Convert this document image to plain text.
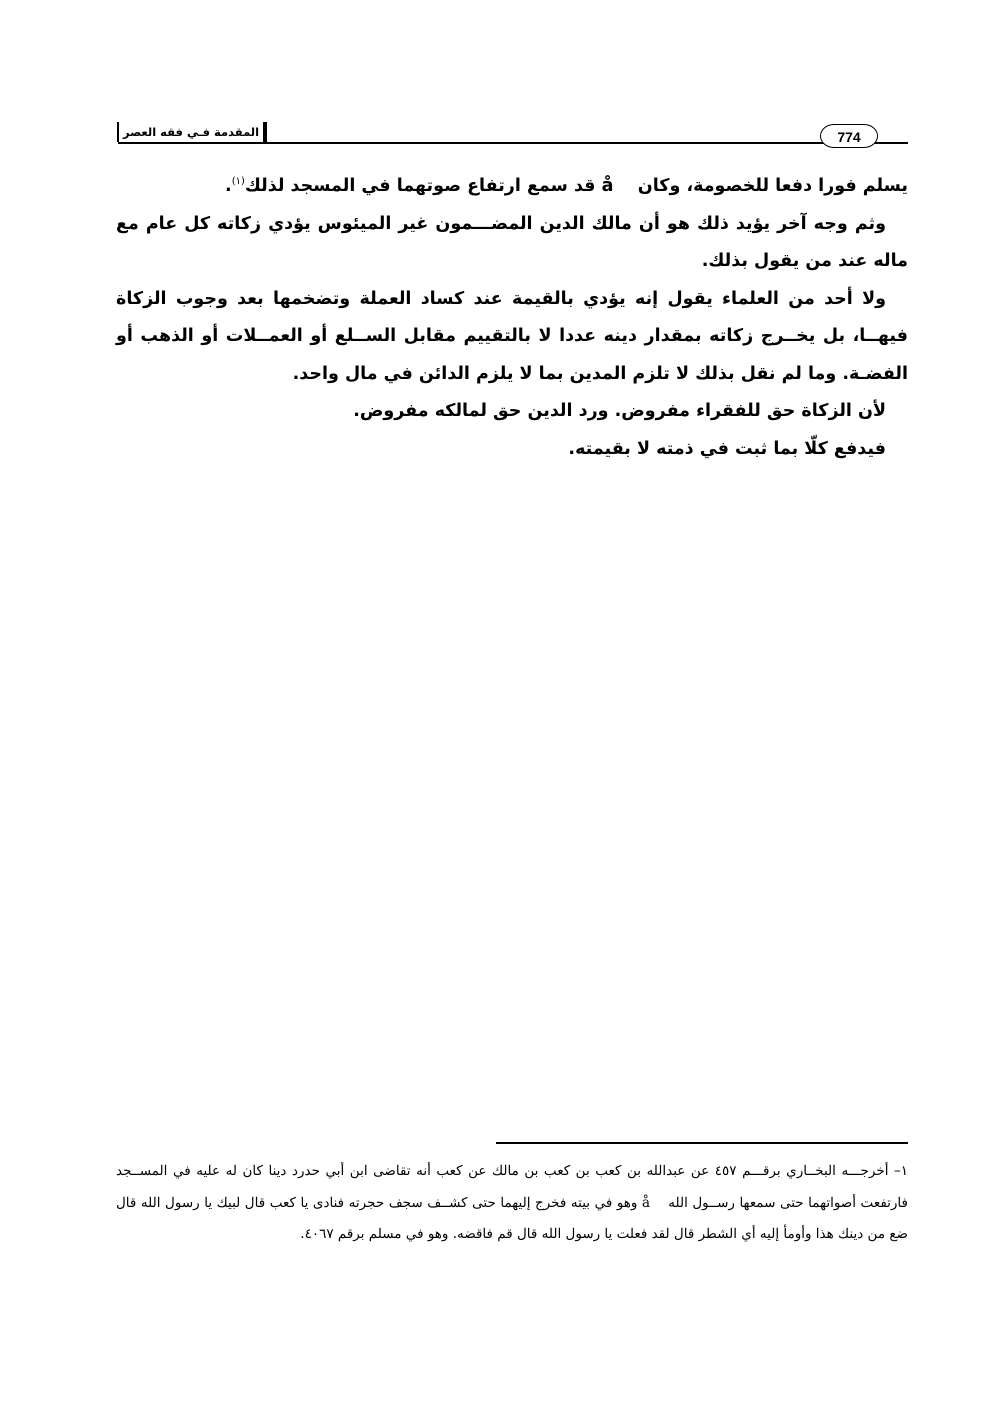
المقدمة فـي فقه العصر	774

يسلم فورا دفعا للخصومة، وكان    ‌å قد سمع ارتفاع صوتهما في المسجد لذلك$^{(١)}$.

وثم وجه آخر يؤيد ذلك هو أن مالك الدين المضـــمون غير الميئوس يؤدي زكاته كل عام مع ماله عند من يقول بذلك.

ولا أحد من العلماء يقول إنه يؤدي بالقيمة عند كساد العملة وتضخمها بعد وجوب الزكاة فيهــا، بل يخــرج زكاته بمقدار دينه عددا لا بالتقييم مقابل الســلع أو العمــلات أو الذهب أو الفضـة. وما لم نقل بذلك لا تلزم المدين بما لا يلزم الدائن في مال واحد.

لأن الزكاة حق للفقراء مفروض. ورد الدين حق لمالكه مفروض.

فيدفع كلّا بما ثبت في ذمته لا بقيمته.

١– أخرجـــه البخــاري برقـــم ٤٥٧ عن عبدالله بن كعب بن كعب بن مالك عن كعب أنه تقاضى ابن أبي حدرد دينا كان له عليه في المســجد فارتفعت أصواتهما حتى سمعها رســول الله    å وهو في بيته فخرج إليهما حتى كشــف سجف حجرته فنادى يا كعب قال لبيك يا رسول الله قال ضع من دينك هذا وأومأ إليه أي الشطر قال لقد فعلت يا رسول الله قال قم فاقضه. وهو في مسلم برقم ٤٠٦٧.
